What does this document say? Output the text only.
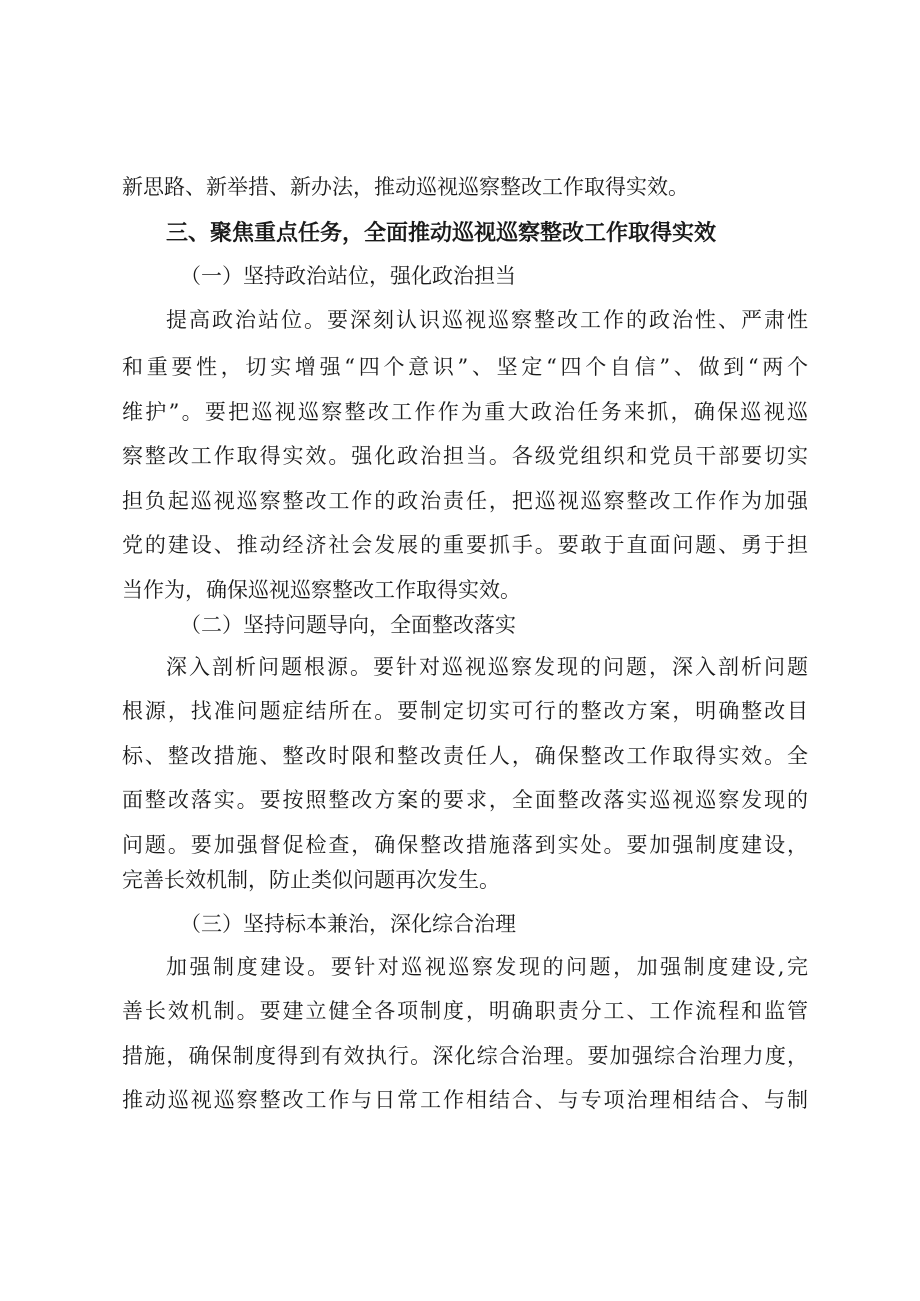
新思路、新举措、新办法，推动巡视巡察整改工作取得实效。
三、聚焦重点任务，全面推动巡视巡察整改工作取得实效
（一）坚持政治站位，强化政治担当
提高政治站位。要深刻认识巡视巡察整改工作的政治性、严肃性
和重要性，切实增强“四个意识”、坚定“四个自信”、做到“两个
维护”。要把巡视巡察整改工作作为重大政治任务来抓，确保巡视巡
察整改工作取得实效。强化政治担当。各级党组织和党员干部要切实
担负起巡视巡察整改工作的政治责任，把巡视巡察整改工作作为加强
党的建设、推动经济社会发展的重要抓手。要敢于直面问题、勇于担
当作为，确保巡视巡察整改工作取得实效。
（二）坚持问题导向，全面整改落实
深入剖析问题根源。要针对巡视巡察发现的问题，深入剖析问题
根源，找准问题症结所在。要制定切实可行的整改方案，明确整改目
标、整改措施、整改时限和整改责任人，确保整改工作取得实效。全
面整改落实。要按照整改方案的要求，全面整改落实巡视巡察发现的
问题。要加强督促检查，确保整改措施落到实处。要加强制度建设，
完善长效机制，防止类似问题再次发生。
（三）坚持标本兼治，深化综合治理
加强制度建设。要针对巡视巡察发现的问题，加强制度建设,完
善长效机制。要建立健全各项制度，明确职责分工、工作流程和监管
措施，确保制度得到有效执行。深化综合治理。要加强综合治理力度，
推动巡视巡察整改工作与日常工作相结合、与专项治理相结合、与制
